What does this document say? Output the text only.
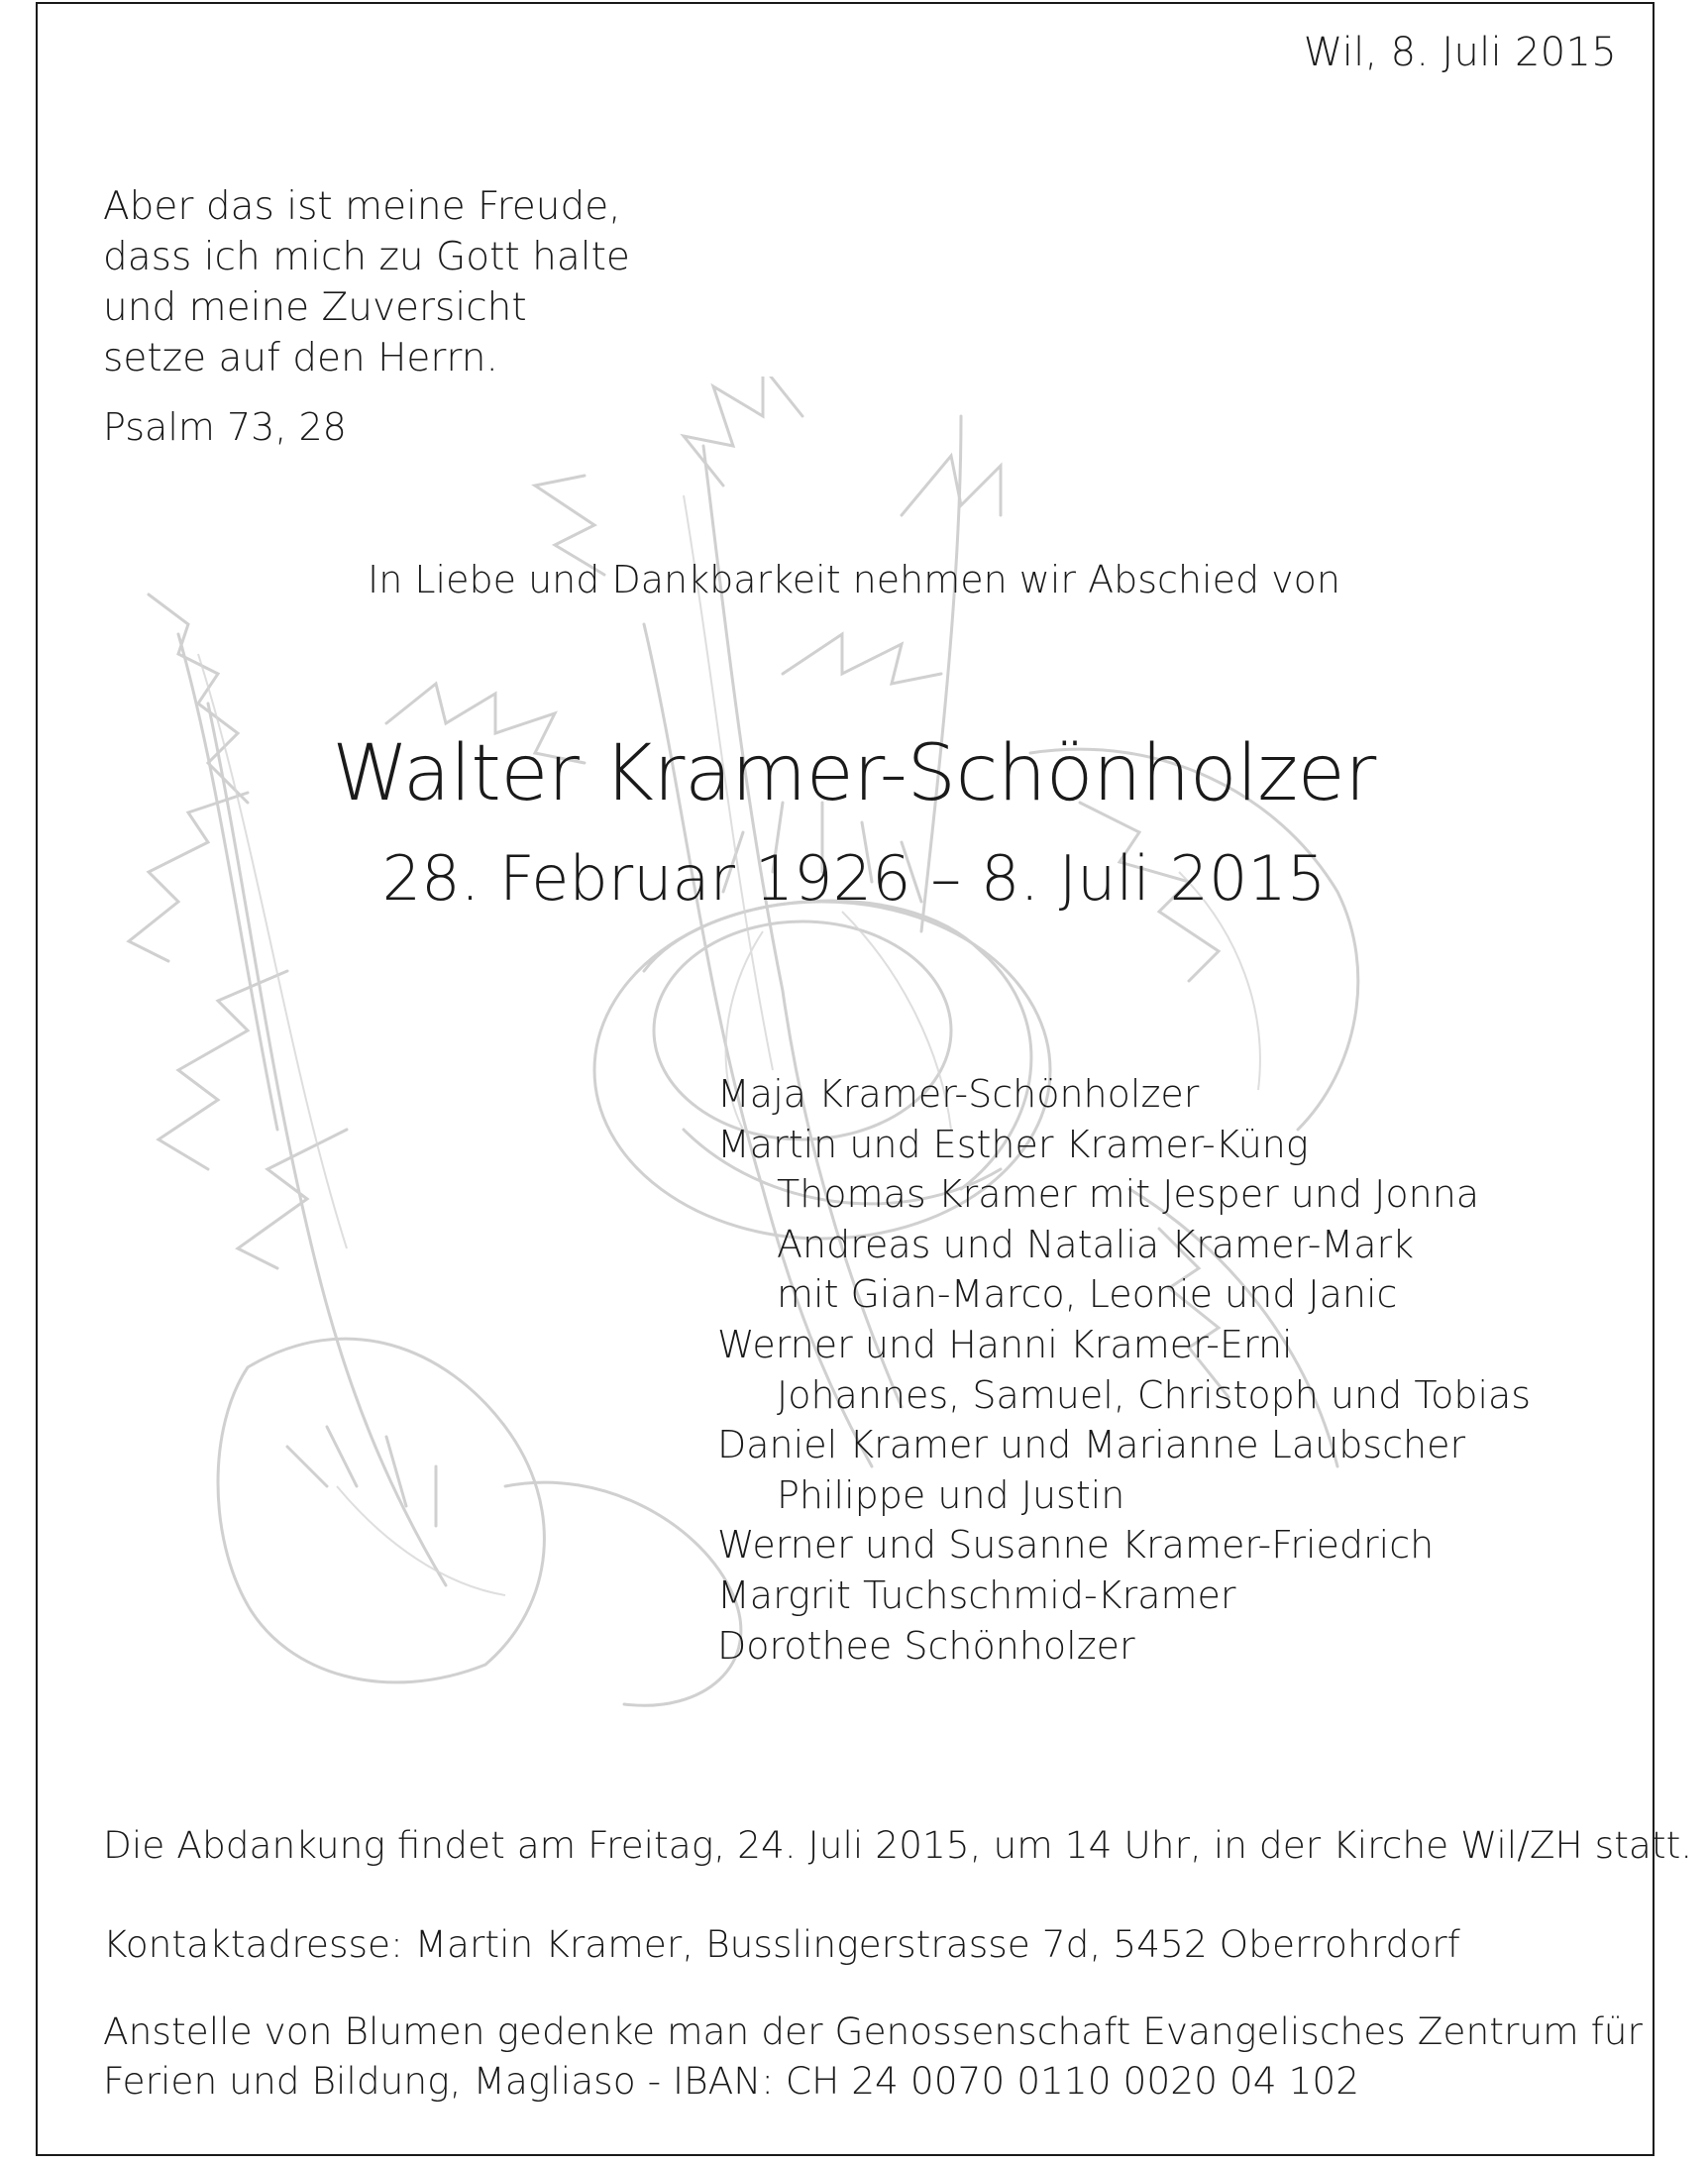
Wil, 8. Juli 2015
Aber das ist meine Freude,
dass ich mich zu Gott halte
und meine Zuversicht
setze auf den Herrn.
Psalm 73, 28
In Liebe und Dankbarkeit nehmen wir Abschied von
Walter Kramer-Schönholzer
28. Februar 1926 – 8. Juli 2015
Maja Kramer-Schönholzer
Martin und Esther Kramer-Küng
Thomas Kramer mit Jesper und Jonna
Andreas und Natalia Kramer-Mark
mit Gian-Marco, Leonie und Janic
Werner und Hanni Kramer-Erni
Johannes, Samuel, Christoph und Tobias
Daniel Kramer und Marianne Laubscher
Philippe und Justin
Werner und Susanne Kramer-Friedrich
Margrit Tuchschmid-Kramer
Dorothee Schönholzer
Die Abdankung findet am Freitag, 24. Juli 2015, um 14 Uhr, in der Kirche Wil/ZH statt.
Kontaktadresse: Martin Kramer, Busslingerstrasse 7d, 5452 Oberrohrdorf
Anstelle von Blumen gedenke man der Genossenschaft Evangelisches Zentrum für
Ferien und Bildung, Magliaso - IBAN: CH 24 0070 0110 0020 04 102
